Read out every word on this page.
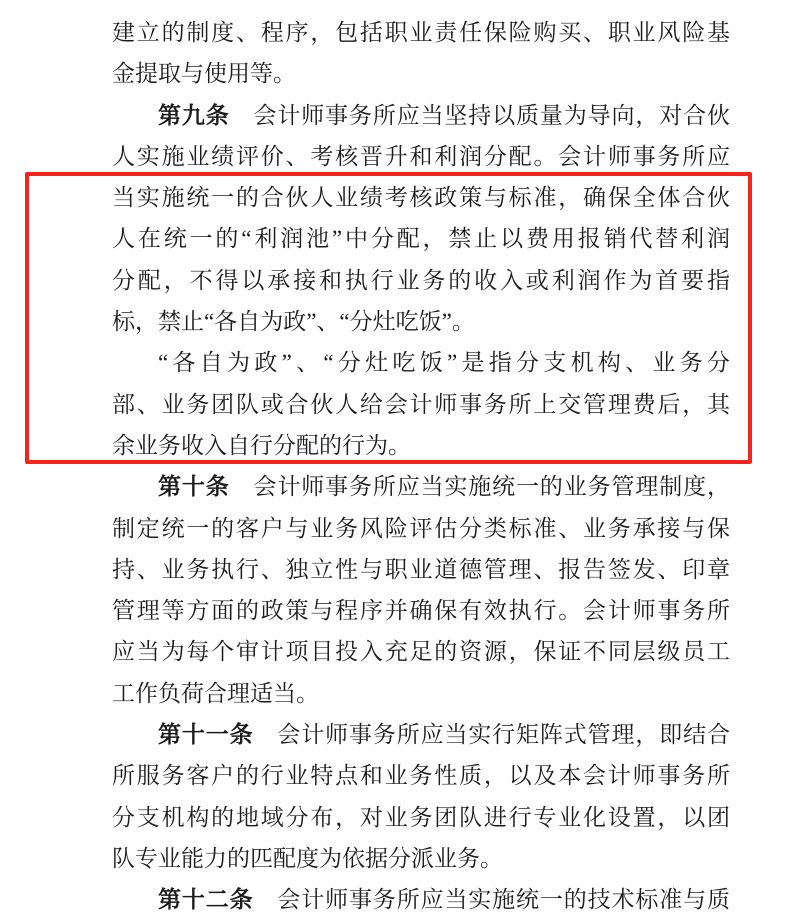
建立的制度、程序，包括职业责任保险购买、职业风险基
金提取与使用等。
第九条　会计师事务所应当坚持以质量为导向，对合伙
人实施业绩评价、考核晋升和利润分配。会计师事务所应
当实施统一的合伙人业绩考核政策与标准，确保全体合伙
人在统一的“利润池”中分配，禁止以费用报销代替利润
分配，不得以承接和执行业务的收入或利润作为首要指
标，禁止“各自为政”、“分灶吃饭”。
“各自为政”、“分灶吃饭”是指分支机构、业务分
部、业务团队或合伙人给会计师事务所上交管理费后，其
余业务收入自行分配的行为。
第十条　会计师事务所应当实施统一的业务管理制度，
制定统一的客户与业务风险评估分类标准、业务承接与保
持、业务执行、独立性与职业道德管理、报告签发、印章
管理等方面的政策与程序并确保有效执行。会计师事务所
应当为每个审计项目投入充足的资源，保证不同层级员工
工作负荷合理适当。
第十一条　会计师事务所应当实行矩阵式管理，即结合
所服务客户的行业特点和业务性质，以及本会计师事务所
分支机构的地域分布，对业务团队进行专业化设置，以团
队专业能力的匹配度为依据分派业务。
第十二条　会计师事务所应当实施统一的技术标准与质
